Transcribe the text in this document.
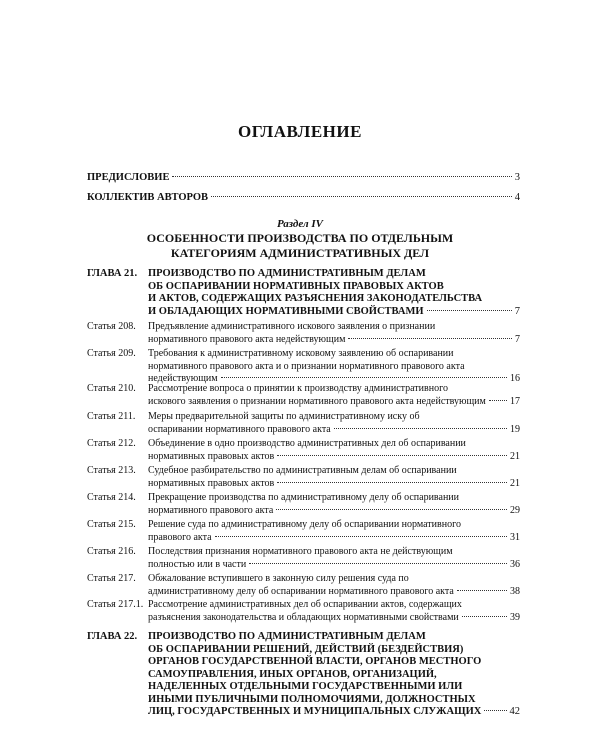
ОГЛАВЛЕНИЕ
ПРЕДИСЛОВИЕ	3
КОЛЛЕКТИВ АВТОРОВ	4
Раздел IV
ОСОБЕННОСТИ ПРОИЗВОДСТВА ПО ОТДЕЛЬНЫМ
КАТЕГОРИЯМ АДМИНИСТРАТИВНЫХ ДЕЛ
ГЛАВА 21.	ПРОИЗВОДСТВО ПО АДМИНИСТРАТИВНЫМ ДЕЛАМ
ОБ ОСПАРИВАНИИ НОРМАТИВНЫХ ПРАВОВЫХ АКТОВ
И АКТОВ, СОДЕРЖАЩИХ РАЗЪЯСНЕНИЯ ЗАКОНОДАТЕЛЬСТВА
И ОБЛАДАЮЩИХ НОРМАТИВНЫМИ СВОЙСТВАМИ	7
Статья 208.	Предъявление административного искового заявления о признании
нормативного правового акта недействующим	7
Статья 209.	Требования к административному исковому заявлению об оспаривании
нормативного правового акта и о признании нормативного правового акта
недействующим	16
Статья 210.	Рассмотрение вопроса о принятии к производству административного
искового заявления о признании нормативного правового акта недействующим 17
Статья 211.	Меры предварительной защиты по административному иску об
оспаривании нормативного правового акта	19
Статья 212.	Объединение в одно производство административных дел об оспаривании
нормативных правовых актов	21
Статья 213.	Судебное разбирательство по административным делам об оспаривании
нормативных правовых актов	21
Статья 214.	Прекращение производства по административному делу об оспаривании
нормативного правового акта	29
Статья 215.	Решение суда по административному делу об оспаривании нормативного
правового акта	31
Статья 216.	Последствия признания нормативного правового акта не действующим
полностью или в части	36
Статья 217.	Обжалование вступившего в законную силу решения суда по
административному делу об оспаривании нормативного правового акта	38
Статья 217.1. Рассмотрение административных дел об оспаривании актов, содержащих
разъяснения законодательства и обладающих нормативными свойствами	39
ГЛАВА 22.	ПРОИЗВОДСТВО ПО АДМИНИСТРАТИВНЫМ ДЕЛАМ
ОБ ОСПАРИВАНИИ РЕШЕНИЙ, ДЕЙСТВИЙ (БЕЗДЕЙСТВИЯ)
ОРГАНОВ ГОСУДАРСТВЕННОЙ ВЛАСТИ, ОРГАНОВ МЕСТНОГО
САМОУПРАВЛЕНИЯ, ИНЫХ ОРГАНОВ, ОРГАНИЗАЦИЙ,
НАДЕЛЕННЫХ ОТДЕЛЬНЫМИ ГОСУДАРСТВЕННЫМИ ИЛИ
ИНЫМИ ПУБЛИЧНЫМИ ПОЛНОМОЧИЯМИ, ДОЛЖНОСТНЫХ
ЛИЦ, ГОСУДАРСТВЕННЫХ И МУНИЦИПАЛЬНЫХ СЛУЖАЩИХ	42
